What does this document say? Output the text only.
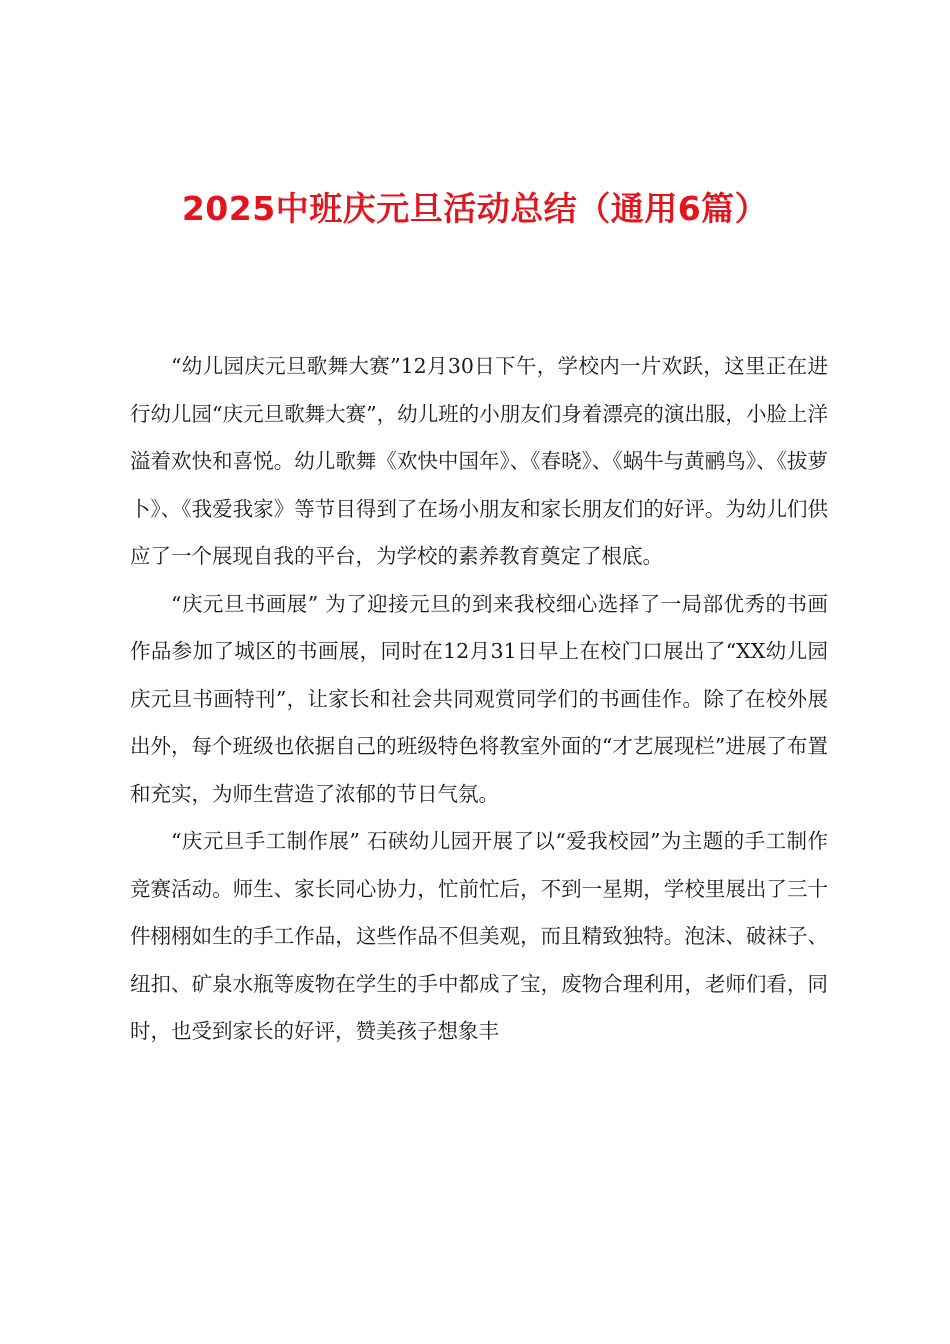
2025中班庆元旦活动总结（通用6篇）

“幼儿园庆元旦歌舞大赛”12月30日下午，学校内一片欢跃，这里正在进行幼儿园“庆元旦歌舞大赛”，幼儿班的小朋友们身着漂亮的演出服，小脸上洋溢着欢快和喜悦。幼儿歌舞《欢快中国年》、《春晓》、《蜗牛与黄鹂鸟》、《拔萝卜》、《我爱我家》等节目得到了在场小朋友和家长朋友们的好评。为幼儿们供应了一个展现自我的平台，为学校的素养教育奠定了根底。

“庆元旦书画展” 为了迎接元旦的到来我校细心选择了一局部优秀的书画作品参加了城区的书画展，同时在12月31日早上在校门口展出了“XX幼儿园庆元旦书画特刊”，让家长和社会共同观赏同学们的书画佳作。除了在校外展出外，每个班级也依据自己的班级特色将教室外面的“才艺展现栏”进展了布置和充实，为师生营造了浓郁的节日气氛。

“庆元旦手工制作展” 石硖幼儿园开展了以“爱我校园”为主题的手工制作竞赛活动。师生、家长同心协力，忙前忙后，不到一星期，学校里展出了三十件栩栩如生的手工作品，这些作品不但美观，而且精致独特。泡沫、破袜子、纽扣、矿泉水瓶等废物在学生的手中都成了宝，废物合理利用，老师们看，同时，也受到家长的好评，赞美孩子想象丰
